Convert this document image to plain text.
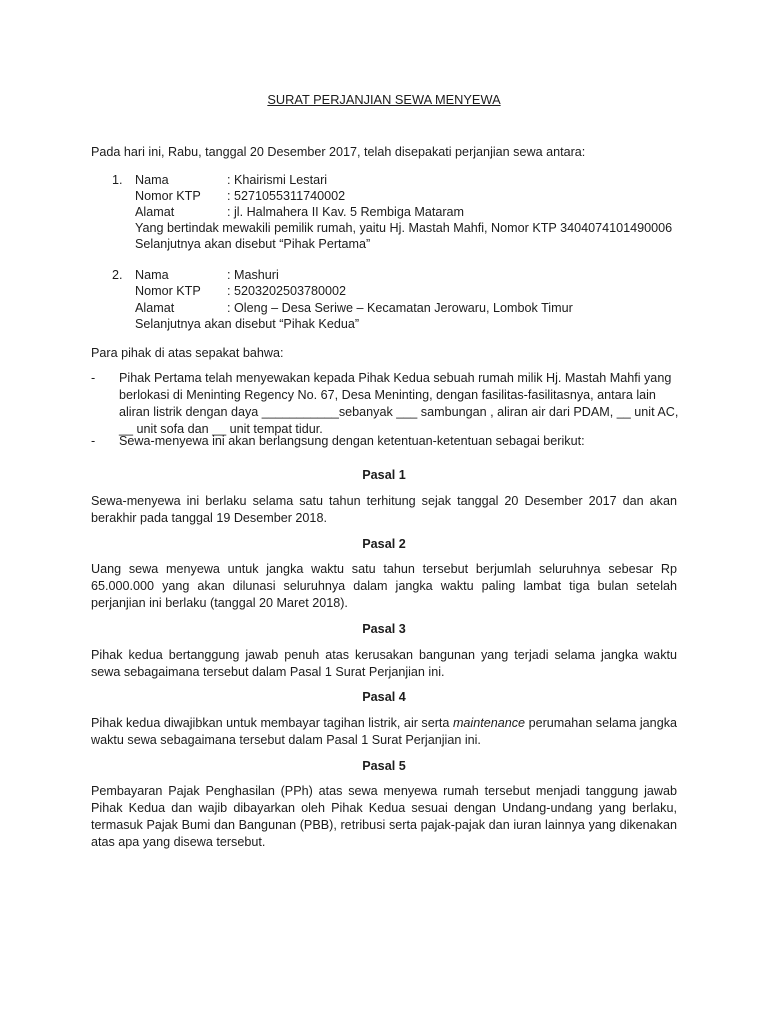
SURAT PERJANJIAN SEWA MENYEWA
Pada hari ini, Rabu, tanggal 20 Desember 2017, telah disepakati perjanjian sewa antara:
1. Nama	: Khairismi Lestari
Nomor KTP : 5271055311740002
Alamat	: jl. Halmahera II Kav. 5 Rembiga Mataram
Yang bertindak mewakili pemilik rumah, yaitu Hj. Mastah Mahfi, Nomor KTP 3404074101490006
Selanjutnya akan disebut “Pihak Pertama”
2. Nama	: Mashuri
Nomor KTP : 5203202503780002
Alamat	: Oleng – Desa Seriwe – Kecamatan Jerowaru, Lombok Timur
Selanjutnya akan disebut “Pihak Kedua”
Para pihak di atas sepakat bahwa:
- Pihak Pertama telah menyewakan kepada Pihak Kedua sebuah rumah milik Hj. Mastah Mahfi yang
berlokasi di Meninting Regency No. 67, Desa Meninting, dengan fasilitas-fasilitasnya, antara lain
aliran listrik dengan daya ___________sebanyak ___ sambungan , aliran air dari PDAM, __ unit AC,
__ unit sofa dan __ unit tempat tidur.
- Sewa-menyewa ini akan berlangsung dengan ketentuan-ketentuan sebagai berikut:
Pasal 1
Sewa-menyewa ini berlaku selama satu tahun terhitung sejak tanggal 20 Desember 2017 dan akan berakhir pada tanggal 19 Desember 2018.
Pasal 2
Uang sewa menyewa untuk jangka waktu satu tahun tersebut berjumlah seluruhnya sebesar Rp 65.000.000 yang akan dilunasi seluruhnya dalam jangka waktu paling lambat tiga bulan setelah perjanjian ini berlaku (tanggal 20 Maret 2018).
Pasal 3
Pihak kedua bertanggung jawab penuh atas kerusakan bangunan yang terjadi selama jangka waktu sewa sebagaimana tersebut dalam Pasal 1 Surat Perjanjian ini.
Pasal 4
Pihak kedua diwajibkan untuk membayar tagihan listrik, air serta maintenance perumahan selama jangka waktu sewa sebagaimana tersebut dalam Pasal 1 Surat Perjanjian ini.
Pasal 5
Pembayaran Pajak Penghasilan (PPh) atas sewa menyewa rumah tersebut menjadi tanggung jawab Pihak Kedua dan wajib dibayarkan oleh Pihak Kedua sesuai dengan Undang-undang yang berlaku, termasuk Pajak Bumi dan Bangunan (PBB), retribusi serta pajak-pajak dan iuran lainnya yang dikenakan atas apa yang disewa tersebut.
